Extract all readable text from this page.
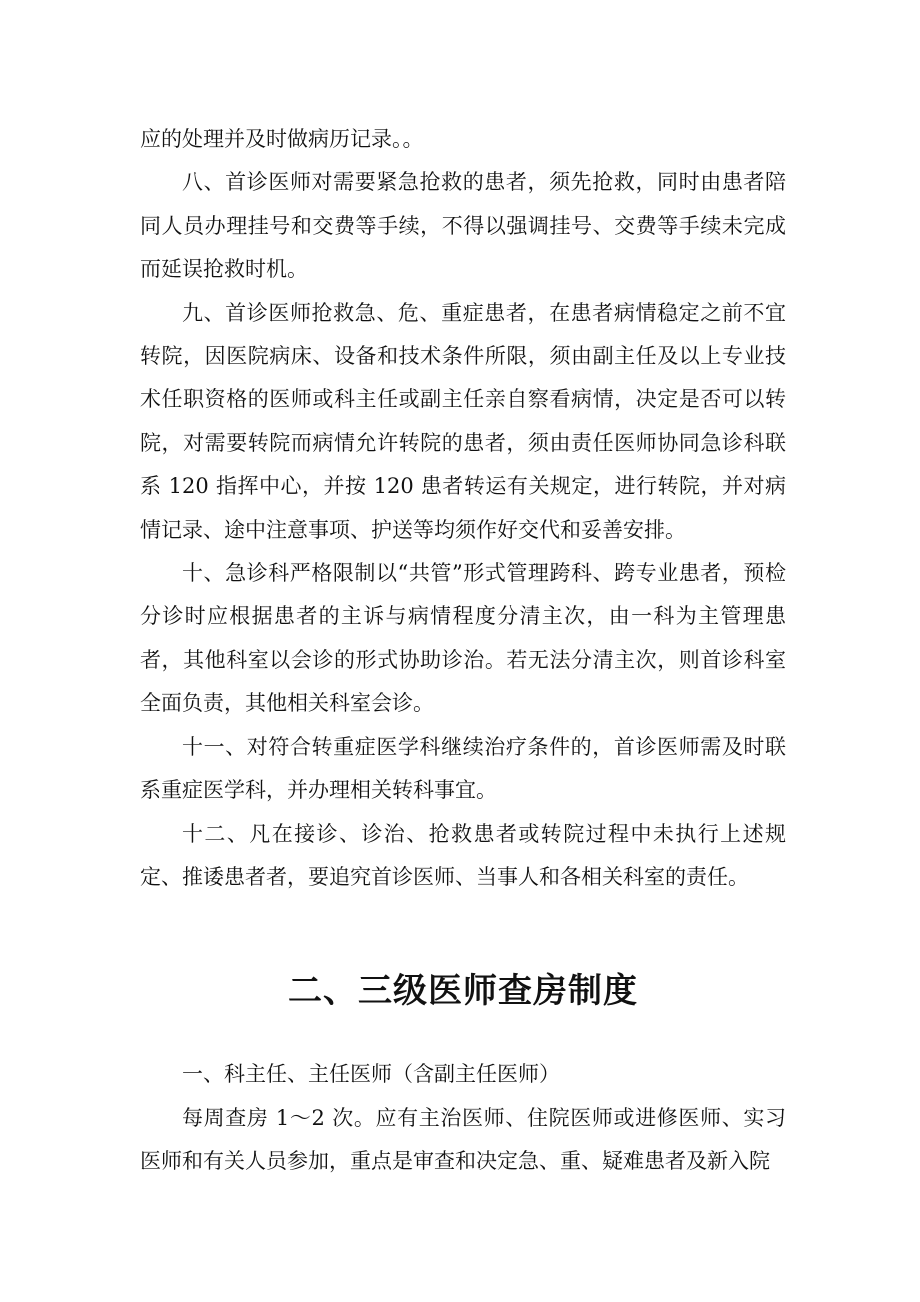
应的处理并及时做病历记录。。

八、首诊医师对需要紧急抢救的患者，须先抢救，同时由患者陪同人员办理挂号和交费等手续，不得以强调挂号、交费等手续未完成而延误抢救时机。

九、首诊医师抢救急、危、重症患者，在患者病情稳定之前不宜转院，因医院病床、设备和技术条件所限，须由副主任及以上专业技术任职资格的医师或科主任或副主任亲自察看病情，决定是否可以转院，对需要转院而病情允许转院的患者，须由责任医师协同急诊科联系 120 指挥中心，并按 120 患者转运有关规定，进行转院，并对病情记录、途中注意事项、护送等均须作好交代和妥善安排。

十、急诊科严格限制以“共管”形式管理跨科、跨专业患者，预检分诊时应根据患者的主诉与病情程度分清主次，由一科为主管理患者，其他科室以会诊的形式协助诊治。若无法分清主次，则首诊科室全面负责，其他相关科室会诊。

十一、对符合转重症医学科继续治疗条件的，首诊医师需及时联系重症医学科，并办理相关转科事宜。

十二、凡在接诊、诊治、抢救患者或转院过程中未执行上述规定、推诿患者者，要追究首诊医师、当事人和各相关科室的责任。

二、三级医师查房制度

一、科主任、主任医师（含副主任医师）

每周查房 1～2 次。应有主治医师、住院医师或进修医师、实习医师和有关人员参加，重点是审查和决定急、重、疑难患者及新入院
